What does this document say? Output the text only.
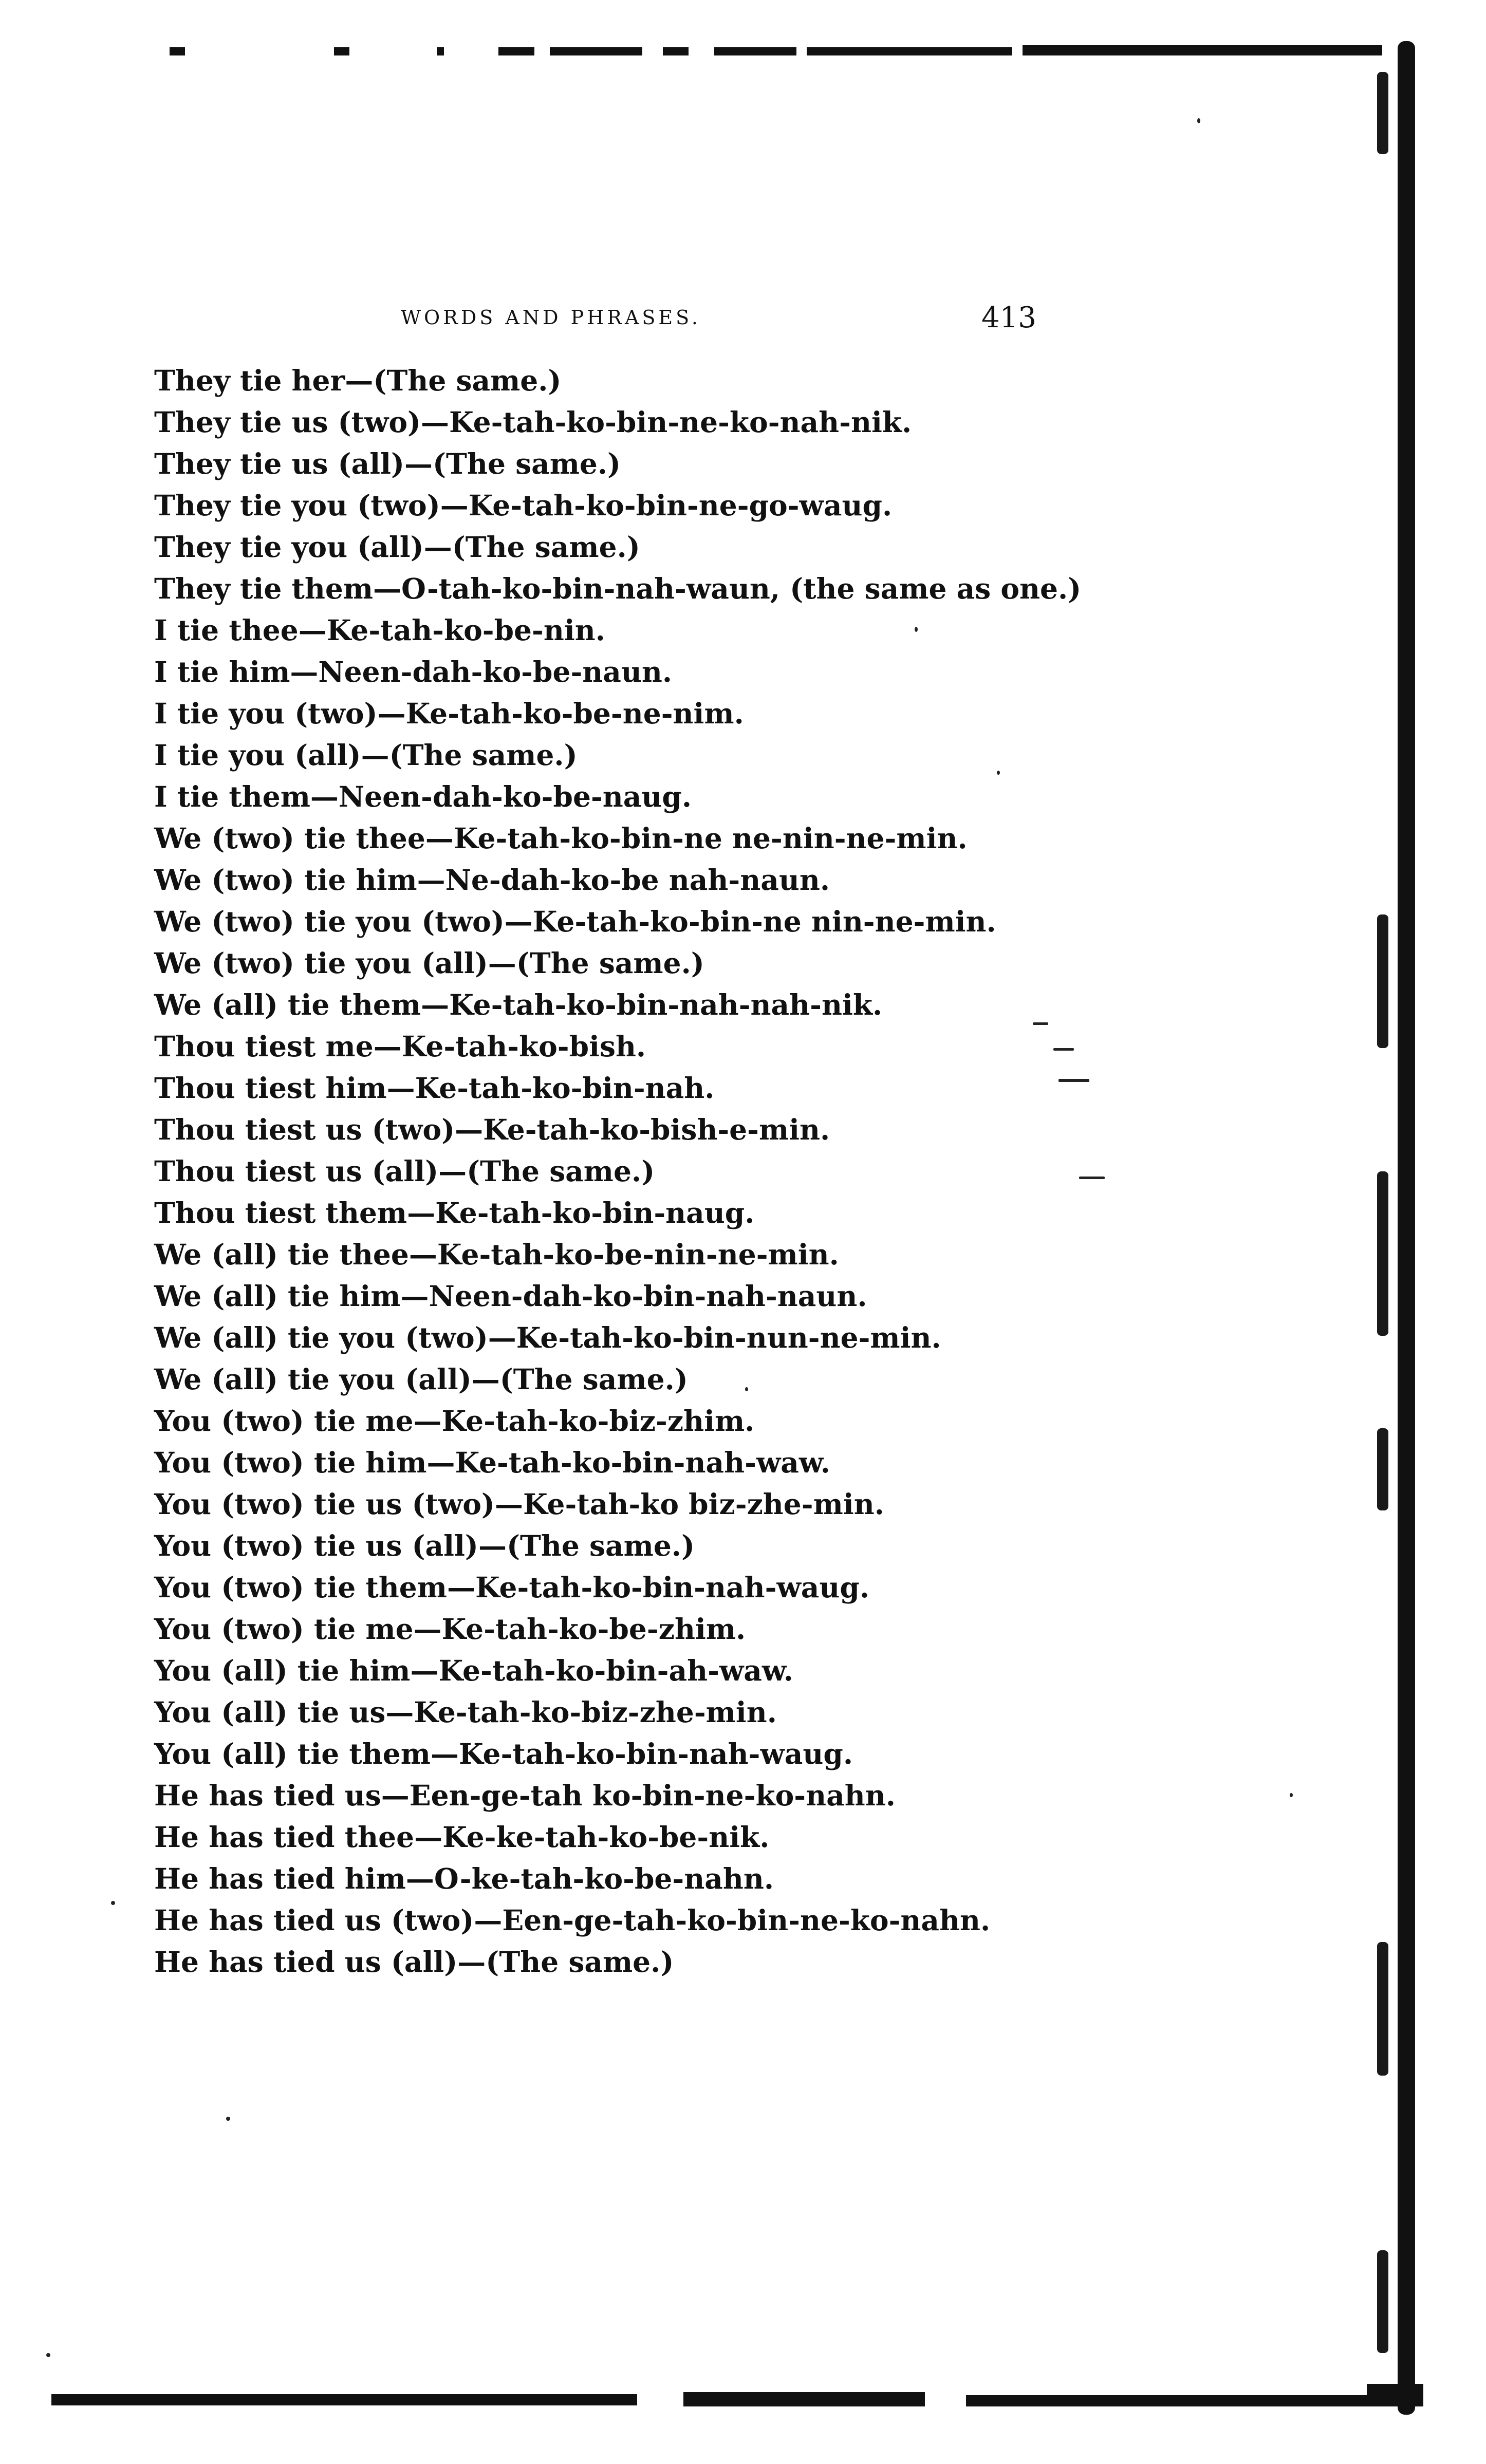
WORDS AND PHRASES.	413
They tie her—(The same.)
They tie us (two)—Ke-tah-ko-bin-ne-ko-nah-nik.
They tie us (all)—(The same.)
They tie you (two)—Ke-tah-ko-bin-ne-go-waug.
They tie you (all)—(The same.)
They tie them—O-tah-ko-bin-nah-waun, (the same as one.)
I tie thee—Ke-tah-ko-be-nin.
I tie him—Neen-dah-ko-be-naun.
I tie you (two)—Ke-tah-ko-be-ne-nim.
I tie you (all)—(The same.)
I tie them—Neen-dah-ko-be-naug.
We (two) tie thee—Ke-tah-ko-bin-ne ne-nin-ne-min.
We (two) tie him—Ne-dah-ko-be nah-naun.
We (two) tie you (two)—Ke-tah-ko-bin-ne nin-ne-min.
We (two) tie you (all)—(The same.)
We (all) tie them—Ke-tah-ko-bin-nah-nah-nik.
Thou tiest me—Ke-tah-ko-bish.
Thou tiest him—Ke-tah-ko-bin-nah.
Thou tiest us (two)—Ke-tah-ko-bish-e-min.
Thou tiest us (all)—(The same.)
Thou tiest them—Ke-tah-ko-bin-naug.
We (all) tie thee—Ke-tah-ko-be-nin-ne-min.
We (all) tie him—Neen-dah-ko-bin-nah-naun.
We (all) tie you (two)—Ke-tah-ko-bin-nun-ne-min.
We (all) tie you (all)—(The same.)
You (two) tie me—Ke-tah-ko-biz-zhim.
You (two) tie him—Ke-tah-ko-bin-nah-waw.
You (two) tie us (two)—Ke-tah-ko biz-zhe-min.
You (two) tie us (all)—(The same.)
You (two) tie them—Ke-tah-ko-bin-nah-waug.
You (two) tie me—Ke-tah-ko-be-zhim.
You (all) tie him—Ke-tah-ko-bin-ah-waw.
You (all) tie us—Ke-tah-ko-biz-zhe-min.
You (all) tie them—Ke-tah-ko-bin-nah-waug.
He has tied us—Een-ge-tah ko-bin-ne-ko-nahn.
He has tied thee—Ke-ke-tah-ko-be-nik.
He has tied him—O-ke-tah-ko-be-nahn.
He has tied us (two)—Een-ge-tah-ko-bin-ne-ko-nahn.
He has tied us (all)—(The same.)
